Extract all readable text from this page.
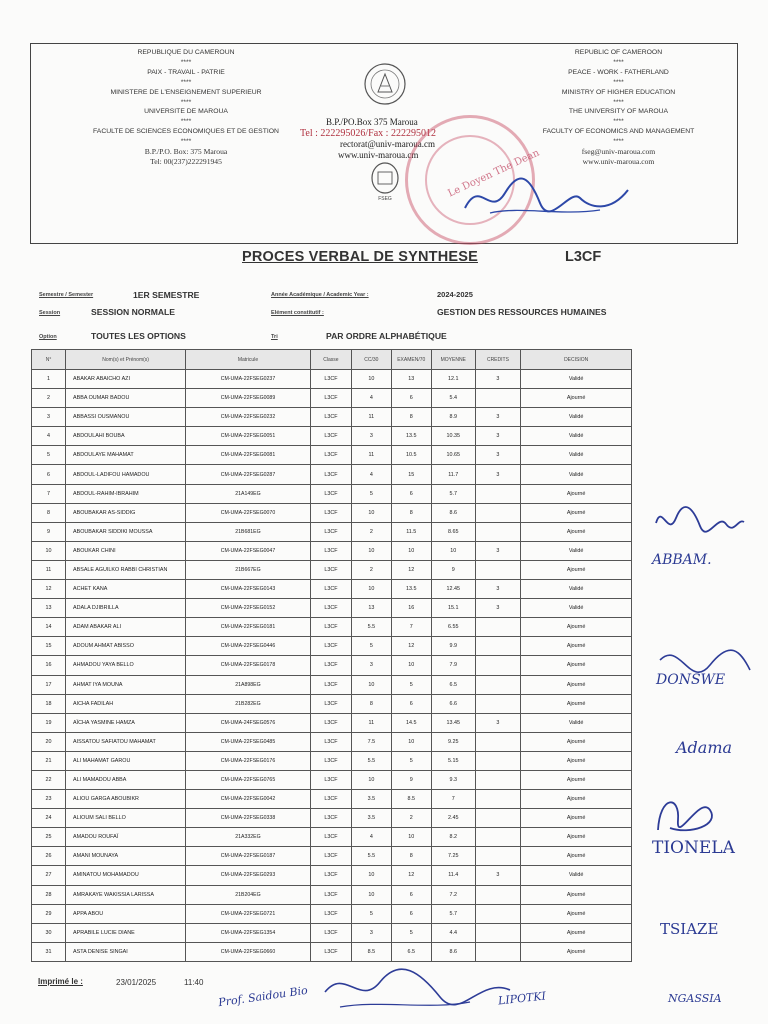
REPUBLIQUE DU CAMEROUN
****
PAIX - TRAVAIL - PATRIE
****
MINISTERE DE L'ENSEIGNEMENT SUPERIEUR
****
UNIVERSITE DE MAROUA
****
FACULTE DE SCIENCES ECONOMIQUES ET DE GESTION
****
B.P./P.O. Box: 375 Maroua
Tel: 00(237)222291945
REPUBLIC OF CAMEROON
****
PEACE - WORK - FATHERLAND
****
MINISTRY OF HIGHER EDUCATION
****
THE UNIVERSITY OF MAROUA
****
FACULTY OF ECONOMICS AND MANAGEMENT
****
fseg@univ-maroua.com
www.univ-maroua.com
B.P./PO.Box 375 Maroua
Tel : 222295026/Fax : 222295012
rectorat@univ-maroua.cm
www.univ-maroua.cm
FSEG	Le Doyen The Dean
PROCES VERBAL DE SYNTHESE	L3CF
Semestre / Semester	1ER SEMESTRE	Année Académique / Academic Year :	2024-2025
Session	SESSION NORMALE	Elément constitutif :	GESTION DES RESSOURCES HUMAINES
Option	TOUTES LES OPTIONS	Tri	PAR ORDRE ALPHABÉTIQUE
N°	Nom(s) et Prénom(s)	Matricule	Classe	CC/30	EXAMEN/70	MOYENNE	CREDITS	DECISION
1	ABAKAR ABAICHO AZI	CM-UMA-22FSEG0237	L3CF	10	13	12.1	3	Validé
2	ABBA OUMAR BADOU	CM-UMA-22FSEG0089	L3CF	4	6	5.4		Ajourné
3	ABBASSI OUSMANOU	CM-UMA-22FSEG0232	L3CF	11	8	8.9	3	Validé
4	ABDOULAHI BOUBA	CM-UMA-22FSEG0051	L3CF	3	13.5	10.35	3	Validé
5	ABDOULAYE MAHAMAT	CM-UMA-22FSEG0081	L3CF	11	10.5	10.65	3	Validé
6	ABDOUL-LADIFOU HAMADOU	CM-UMA-22FSEG0287	L3CF	4	15	11.7	3	Validé
7	ABDOUL-RAHIM-IBRAHIM	21A149EG	L3CF	5	6	5.7		Ajourné
8	ABOUBAKAR AS-SIDDIG	CM-UMA-22FSEG0070	L3CF	10	8	8.6		Ajourné
9	ABOUBAKAR SIDDIKI MOUSSA	21B681EG	L3CF	2	11.5	8.65		Ajourné
10	ABOUKAR CHINI	CM-UMA-22FSEG0047	L3CF	10	10	10	3	Validé
11	ABSALE AGUILKO RABBI CHRISTIAN	21B667EG	L3CF	2	12	9		Ajourné
12	ACHET KANA	CM-UMA-22FSEG0143	L3CF	10	13.5	12.45	3	Validé
13	ADALA DJIBRILLA	CM-UMA-22FSEG0152	L3CF	13	16	15.1	3	Validé
14	ADAM ABAKAR ALI	CM-UMA-22FSEG0181	L3CF	5.5	7	6.55		Ajourné
15	ADOUM AHMAT ABISSO	CM-UMA-22FSEG0446	L3CF	5	12	9.9		Ajourné
16	AHMADOU YAYA BELLO	CM-UMA-22FSEG0178	L3CF	3	10	7.9		Ajourné
17	AHMAT IYA MOUNA	21A898EG	L3CF	10	5	6.5		Ajourné
18	AICHA FADILAH	21B282EG	L3CF	8	6	6.6		Ajourné
19	AÏCHA YASMINE HAMZA	CM-UMA-24FSEG0576	L3CF	11	14.5	13.45	3	Validé
20	AISSATOU SAFIATOU MAHAMAT	CM-UMA-22FSEG0485	L3CF	7.5	10	9.25		Ajourné
21	ALI MAHAMAT GAROU	CM-UMA-22FSEG0176	L3CF	5.5	5	5.15		Ajourné
22	ALI MAMADOU ABBA	CM-UMA-22FSEG0765	L3CF	10	9	9.3		Ajourné
23	ALIOU GARGA ABOUBIKR	CM-UMA-22FSEG0042	L3CF	3.5	8.5	7		Ajourné
24	ALIOUM SALI BELLO	CM-UMA-22FSEG0338	L3CF	3.5	2	2.45		Ajourné
25	AMADOU ROUFAÏ	21A332EG	L3CF	4	10	8.2		Ajourné
26	AMANI MOUNAYA	CM-UMA-22FSEG0187	L3CF	5.5	8	7.25		Ajourné
27	AMINATOU MOHAMADOU	CM-UMA-22FSEG0293	L3CF	10	12	11.4	3	Validé
28	AMRAKAYE WAKISSIA LARISSA	21B204EG	L3CF	10	6	7.2		Ajourné
29	APPA ABOU	CM-UMA-22FSEG0721	L3CF	5	6	5.7		Ajourné
30	APRABILE LUCIE DIANE	CM-UMA-22FSEG1354	L3CF	3	5	4.4		Ajourné
31	ASTA DENISE SINGAI	CM-UMA-22FSEG0660	L3CF	8.5	6.5	8.6		Ajourné
ABBAM.
DONSWE
Adama
TIONELA
TSIAZE
NGASSIA
Imprimé le :	23/01/2025	11:40
Prof. Saidou Bio	LIPOTKI
